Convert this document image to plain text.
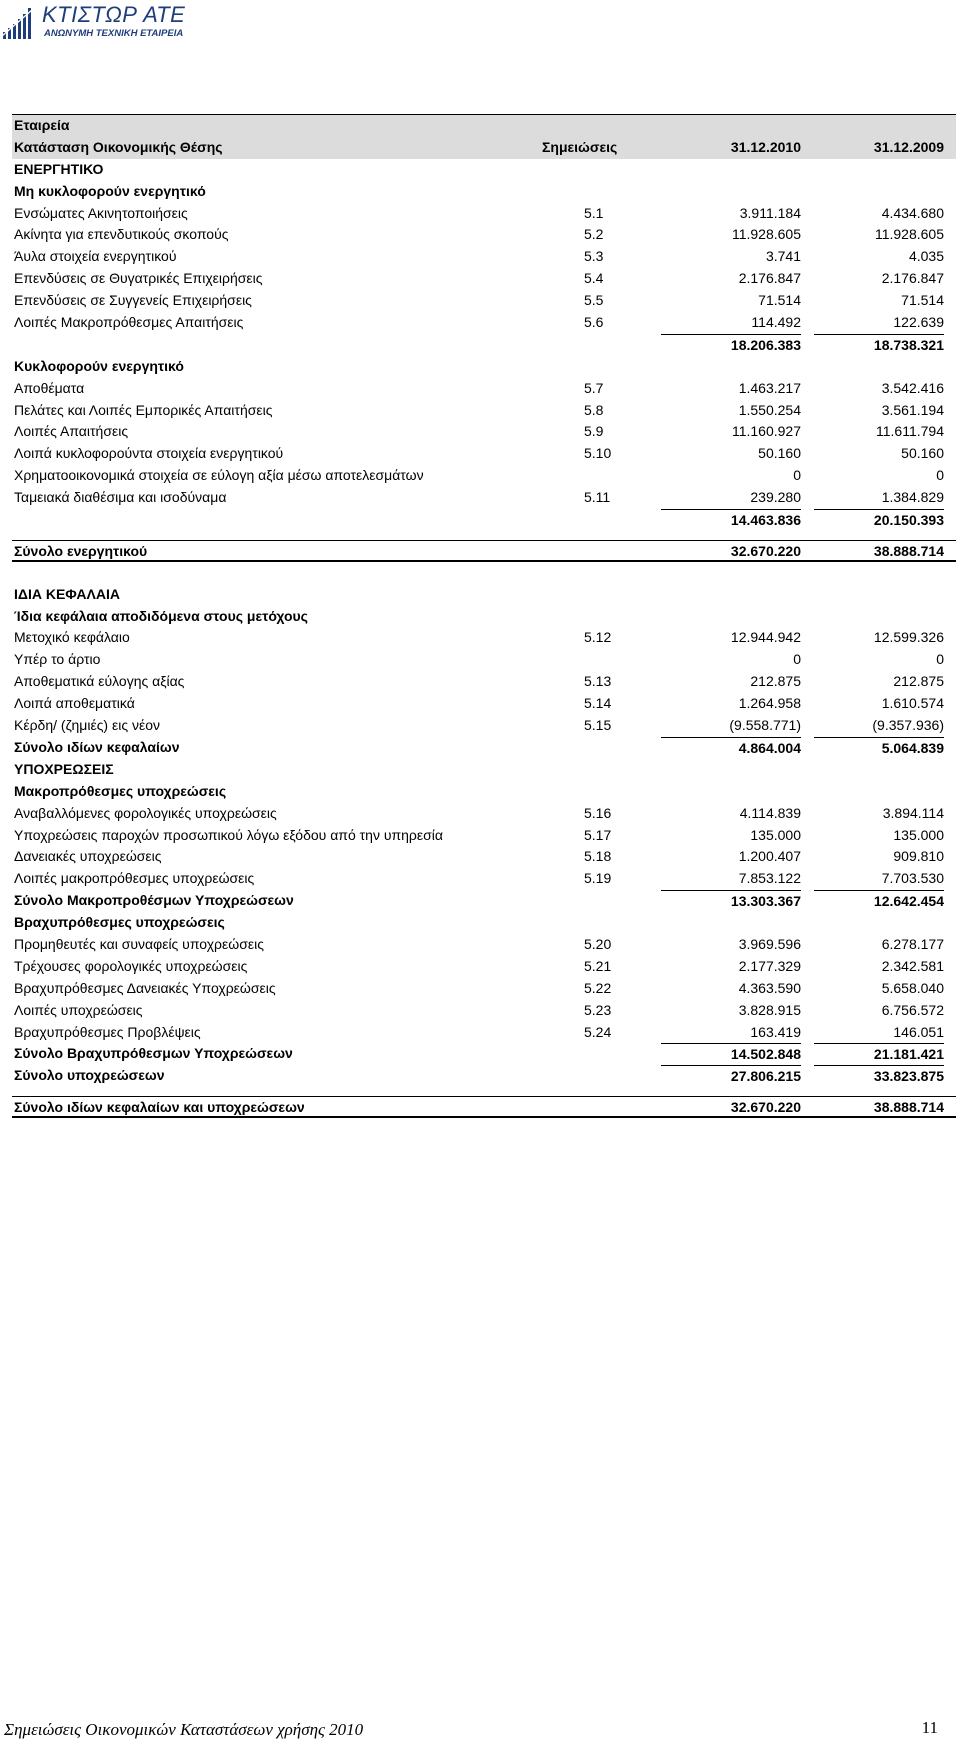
ΚΤΙΣΤΩΡ ΑΤΕ
ΑΝΩΝΥΜΗ ΤΕΧΝΙΚΗ ΕΤΑΙΡΕΙΑ
Εταιρεία
Κατάσταση Οικονομικής Θέσης	Σημειώσεις	31.12.2010	31.12.2009
ΕΝΕΡΓΗΤΙΚΟ
Μη κυκλοφορούν ενεργητικό
Ενσώματες Ακινητοποιήσεις	5.1	3.911.184	4.434.680
Ακίνητα για επενδυτικούς σκοπούς	5.2	11.928.605	11.928.605
Άυλα στοιχεία ενεργητικού	5.3	3.741	4.035
Επενδύσεις σε Θυγατρικές Επιχειρήσεις	5.4	2.176.847	2.176.847
Επενδύσεις σε Συγγενείς Επιχειρήσεις	5.5	71.514	71.514
Λοιπές Μακροπρόθεσμες Απαιτήσεις	5.6	114.492	122.639
18.206.383	18.738.321
Κυκλοφορούν ενεργητικό
Αποθέματα	5.7	1.463.217	3.542.416
Πελάτες και Λοιπές Εμπορικές Απαιτήσεις	5.8	1.550.254	3.561.194
Λοιπές Απαιτήσεις	5.9	11.160.927	11.611.794
Λοιπά κυκλοφορούντα στοιχεία ενεργητικού	5.10	50.160	50.160
Χρηματοοικονομικά στοιχεία σε εύλογη αξία μέσω αποτελεσμάτων	0	0
Ταμειακά διαθέσιμα και ισοδύναμα	5.11	239.280	1.384.829
14.463.836	20.150.393
Σύνολο ενεργητικού	32.670.220	38.888.714
ΙΔΙΑ ΚΕΦΑΛΑΙΑ
Ίδια κεφάλαια αποδιδόμενα στους μετόχους
Μετοχικό κεφάλαιο	5.12	12.944.942	12.599.326
Υπέρ το άρτιο	0	0
Αποθεματικά εύλογης αξίας	5.13	212.875	212.875
Λοιπά αποθεματικά	5.14	1.264.958	1.610.574
Κέρδη/ (ζημιές) εις νέον	5.15	(9.558.771)	(9.357.936)
Σύνολο ιδίων κεφαλαίων	4.864.004	5.064.839
ΥΠΟΧΡΕΩΣΕΙΣ
Μακροπρόθεσμες υποχρεώσεις
Αναβαλλόμενες φορολογικές υποχρεώσεις	5.16	4.114.839	3.894.114
Υποχρεώσεις παροχών προσωπικού λόγω εξόδου από την υπηρεσία	5.17	135.000	135.000
Δανειακές υποχρεώσεις	5.18	1.200.407	909.810
Λοιπές μακροπρόθεσμες υποχρεώσεις	5.19	7.853.122	7.703.530
Σύνολο Μακροπροθέσμων Υποχρεώσεων	13.303.367	12.642.454
Βραχυπρόθεσμες υποχρεώσεις
Προμηθευτές και συναφείς υποχρεώσεις	5.20	3.969.596	6.278.177
Τρέχουσες φορολογικές υποχρεώσεις	5.21	2.177.329	2.342.581
Βραχυπρόθεσμες Δανειακές Υποχρεώσεις	5.22	4.363.590	5.658.040
Λοιπές υποχρεώσεις	5.23	3.828.915	6.756.572
Βραχυπρόθεσμες Προβλέψεις	5.24	163.419	146.051
Σύνολο Βραχυπρόθεσμων Υποχρεώσεων	14.502.848	21.181.421
Σύνολο υποχρεώσεων	27.806.215	33.823.875
Σύνολο ιδίων κεφαλαίων και υποχρεώσεων	32.670.220	38.888.714
Σημειώσεις Οικονομικών Καταστάσεων χρήσης 2010	11
